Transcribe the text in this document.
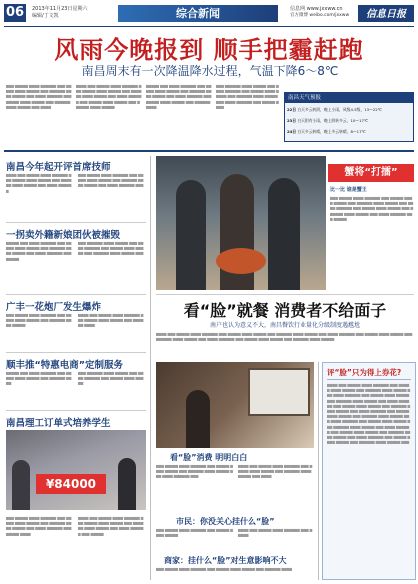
06	2013年11月23日星期六
编辑/丁文凯	综合新闻	信息网 www.jxxww.cn
官方微博 weibo.com/jxxww	信息日报
风雨今晚报到 顺手把霾赶跑
南昌周末有一次降温降水过程，气温下降6～8℃
▆▆▆ ▆▆▆▆▆ ▆▆▆▆ ▆▆▆▆▆▆ ▆▆▆ ▆▆▆▆▆ ▆▆▆▆ ▆▆▆▆▆ ▆▆▆ ▆▆▆▆▆▆ ▆▆▆▆ ▆▆▆▆▆ ▆▆▆ ▆▆▆▆ ▆▆▆▆▆▆ ▆▆▆ ▆▆▆▆▆ ▆▆▆▆ ▆▆▆▆▆ ▆▆▆ ▆▆▆▆▆▆ ▆▆▆▆ ▆▆▆▆▆ ▆▆▆ ▆▆▆▆
▆▆▆▆ ▆▆▆ ▆▆▆▆▆ ▆▆▆▆ ▆▆▆▆▆▆ ▆▆▆ ▆▆▆▆▆ ▆▆▆▆ ▆▆▆▆▆ ▆▆▆ ▆▆▆▆▆▆ ▆▆▆▆ ▆▆▆▆▆ ▆▆▆ ▆▆▆▆ ▆▆▆▆▆▆ ▆▆▆ ▆▆▆▆▆ ▆▆▆▆ ▆▆▆▆▆ ▆▆▆ ▆▆▆▆▆▆ ▆▆▆▆ ▆▆▆▆▆
▆▆▆▆▆ ▆▆▆ ▆▆▆▆ ▆▆▆▆▆▆ ▆▆▆ ▆▆▆▆▆ ▆▆▆▆ ▆▆▆▆▆ ▆▆▆ ▆▆▆▆▆▆ ▆▆▆▆ ▆▆▆▆▆ ▆▆▆ ▆▆▆▆ ▆▆▆▆▆▆ ▆▆▆ ▆▆▆▆▆ ▆▆▆▆ ▆▆▆▆▆ ▆▆▆ ▆▆▆▆▆▆ ▆▆▆▆
▆▆▆ ▆▆▆▆▆▆ ▆▆▆▆ ▆▆▆▆▆ ▆▆▆ ▆▆▆▆ ▆▆▆▆▆▆ ▆▆▆ ▆▆▆▆▆ ▆▆▆▆ ▆▆▆▆▆ ▆▆▆ ▆▆▆▆▆▆ ▆▆▆▆ ▆▆▆▆▆ ▆▆▆ ▆▆▆▆ ▆▆▆▆▆▆ ▆▆▆ ▆▆▆▆▆ ▆▆▆▆
南昌天气预报
22日 白天多云转阴，晚上小雨，风级4-5级，13～22℃
23日 白天阴有小雨，晚上阴转多云，10～17℃
24日 白天多云转晴，晚上多云转晴，8～17℃
南昌今年起开评首席技师
▆▆▆▆ ▆▆▆ ▆▆▆▆▆ ▆▆▆▆ ▆▆▆▆▆▆ ▆▆▆ ▆▆▆▆▆ ▆▆▆▆ ▆▆▆▆▆ ▆▆▆ ▆▆▆▆▆▆ ▆▆▆▆ ▆▆▆▆▆ ▆▆▆ ▆▆▆▆ ▆▆▆▆▆▆
▆▆▆ ▆▆▆▆▆ ▆▆▆▆ ▆▆▆▆▆▆ ▆▆▆ ▆▆▆▆▆ ▆▆▆▆ ▆▆▆▆▆ ▆▆▆ ▆▆▆▆▆▆ ▆▆▆▆ ▆▆▆▆▆ ▆▆▆ ▆▆▆▆ ▆▆▆▆▆▆ ▆▆▆
一拐卖外籍新娘团伙被摧毁
▆▆▆▆▆ ▆▆▆ ▆▆▆▆ ▆▆▆▆▆▆ ▆▆▆ ▆▆▆▆▆ ▆▆▆▆ ▆▆▆▆▆ ▆▆▆ ▆▆▆▆▆▆ ▆▆▆▆ ▆▆▆▆▆ ▆▆▆ ▆▆▆▆ ▆▆▆▆▆▆ ▆▆▆ ▆▆▆▆▆
▆▆▆ ▆▆▆▆▆▆ ▆▆▆▆ ▆▆▆▆▆ ▆▆▆ ▆▆▆▆ ▆▆▆▆▆▆ ▆▆▆ ▆▆▆▆▆ ▆▆▆▆ ▆▆▆▆▆ ▆▆▆ ▆▆▆▆▆▆ ▆▆▆▆ ▆▆▆▆▆ ▆▆▆
广丰一花炮厂发生爆炸
▆▆▆ ▆▆▆▆▆ ▆▆▆▆ ▆▆▆▆▆▆ ▆▆▆ ▆▆▆▆▆ ▆▆▆▆ ▆▆▆▆▆ ▆▆▆ ▆▆▆▆▆▆ ▆▆▆▆ ▆▆▆▆▆
▆▆▆▆ ▆▆▆ ▆▆▆▆▆ ▆▆▆▆ ▆▆▆▆▆▆ ▆▆▆ ▆▆▆▆▆ ▆▆▆▆ ▆▆▆▆▆ ▆▆▆ ▆▆▆▆▆▆ ▆▆▆▆
顺丰推“特惠电商”定制服务
▆▆▆▆▆ ▆▆▆ ▆▆▆▆ ▆▆▆▆▆▆ ▆▆▆ ▆▆▆▆▆ ▆▆▆▆ ▆▆▆▆▆ ▆▆▆ ▆▆▆▆▆▆ ▆▆▆▆
▆▆▆ ▆▆▆▆▆▆ ▆▆▆▆ ▆▆▆▆▆ ▆▆▆ ▆▆▆▆ ▆▆▆▆▆▆ ▆▆▆ ▆▆▆▆▆ ▆▆▆▆ ▆▆▆▆▆
南昌理工订单式培养学生
¥84000
▆▆▆ ▆▆▆▆▆ ▆▆▆▆ ▆▆▆▆▆▆ ▆▆▆ ▆▆▆▆▆ ▆▆▆▆ ▆▆▆▆▆ ▆▆▆ ▆▆▆▆▆▆ ▆▆▆▆ ▆▆▆▆▆ ▆▆▆ ▆▆▆▆ ▆▆▆▆▆▆ ▆▆▆ ▆▆▆▆▆ ▆▆▆▆
▆▆▆▆ ▆▆▆ ▆▆▆▆▆ ▆▆▆▆ ▆▆▆▆▆▆ ▆▆▆ ▆▆▆▆▆ ▆▆▆▆ ▆▆▆▆▆ ▆▆▆ ▆▆▆▆▆▆ ▆▆▆▆ ▆▆▆▆▆ ▆▆▆ ▆▆▆▆ ▆▆▆▆▆▆ ▆▆▆ ▆▆▆▆▆
蟹将“打擂”
比一比 谁是蟹王
▆▆▆ ▆▆▆▆▆ ▆▆▆▆ ▆▆▆▆▆▆ ▆▆▆ ▆▆▆▆▆ ▆▆▆▆ ▆▆▆▆▆ ▆▆▆ ▆▆▆▆▆▆ ▆▆▆▆ ▆▆▆▆▆ ▆▆▆ ▆▆▆▆ ▆▆▆▆▆▆ ▆▆▆ ▆▆▆▆▆ ▆▆▆▆ ▆▆▆▆▆ ▆▆▆ ▆▆▆▆▆▆ ▆▆▆▆ ▆▆▆▆▆ ▆▆▆ ▆▆▆▆ ▆▆▆▆▆▆ ▆▆▆ ▆▆▆▆▆
看“脸”就餐 消费者不给面子
南户也认为意义不大，南昌餐饮行业量化分级制度遇尴尬
▆▆▆▆ ▆▆▆ ▆▆▆▆▆ ▆▆▆▆ ▆▆▆▆▆▆ ▆▆▆ ▆▆▆▆▆ ▆▆▆▆ ▆▆▆▆▆ ▆▆▆ ▆▆▆▆▆▆ ▆▆▆▆ ▆▆▆▆▆ ▆▆▆ ▆▆▆▆ ▆▆▆▆▆▆ ▆▆▆ ▆▆▆▆▆ ▆▆▆▆ ▆▆▆▆▆ ▆▆▆ ▆▆▆▆▆▆ ▆▆▆▆ ▆▆▆▆▆ ▆▆▆ ▆▆▆▆ ▆▆▆▆▆▆ ▆▆▆ ▆▆▆▆▆ ▆▆▆▆ ▆▆▆▆▆ ▆▆▆ ▆▆▆▆▆▆ ▆▆▆▆ ▆▆▆▆▆
看“脸”消费 明明白白
▆▆▆ ▆▆▆▆▆ ▆▆▆▆ ▆▆▆▆▆▆ ▆▆▆ ▆▆▆▆▆ ▆▆▆▆ ▆▆▆▆▆ ▆▆▆ ▆▆▆▆▆▆ ▆▆▆▆ ▆▆▆▆▆ ▆▆▆ ▆▆▆▆ ▆▆▆▆▆▆ ▆▆▆
▆▆▆▆ ▆▆▆ ▆▆▆▆▆ ▆▆▆▆ ▆▆▆▆▆▆ ▆▆▆ ▆▆▆▆▆ ▆▆▆▆ ▆▆▆▆▆ ▆▆▆ ▆▆▆▆▆▆ ▆▆▆▆ ▆▆▆▆▆ ▆▆▆ ▆▆▆▆
市民：你没关心挂什么“脸”
▆▆▆ ▆▆▆▆▆ ▆▆▆▆ ▆▆▆▆▆▆ ▆▆▆ ▆▆▆▆▆ ▆▆▆▆ ▆▆▆▆▆
▆▆▆▆ ▆▆▆ ▆▆▆▆▆ ▆▆▆▆ ▆▆▆▆▆▆ ▆▆▆ ▆▆▆▆▆
商家：挂什么“脸”对生意影响不大
▆▆▆ ▆▆▆▆▆ ▆▆▆▆ ▆▆▆▆▆▆ ▆▆▆ ▆▆▆▆▆ ▆▆▆▆ ▆▆▆▆▆ ▆▆▆ ▆▆▆▆▆▆ ▆▆▆▆
评“脸”只为得上券花?
▆▆▆▆ ▆▆▆ ▆▆▆▆▆ ▆▆▆▆ ▆▆▆▆▆▆ ▆▆▆ ▆▆▆▆▆ ▆▆▆▆ ▆▆▆▆▆ ▆▆▆ ▆▆▆▆▆▆ ▆▆▆▆ ▆▆▆▆▆ ▆▆▆ ▆▆▆▆ ▆▆▆▆▆▆ ▆▆▆ ▆▆▆▆▆ ▆▆▆▆ ▆▆▆▆▆ ▆▆▆ ▆▆▆▆▆▆ ▆▆▆▆ ▆▆▆▆▆ ▆▆▆ ▆▆▆▆ ▆▆▆▆▆▆ ▆▆▆ ▆▆▆▆▆ ▆▆▆▆ ▆▆▆▆▆ ▆▆▆ ▆▆▆▆▆▆ ▆▆▆▆ ▆▆▆▆▆ ▆▆▆ ▆▆▆▆ ▆▆▆▆▆▆ ▆▆▆ ▆▆▆▆▆ ▆▆▆▆ ▆▆▆▆▆ ▆▆▆ ▆▆▆▆▆▆ ▆▆▆▆ ▆▆▆▆▆ ▆▆▆ ▆▆▆▆ ▆▆▆▆▆▆ ▆▆▆ ▆▆▆▆▆ ▆▆▆▆ ▆▆▆▆▆ ▆▆▆ ▆▆▆▆▆▆ ▆▆▆▆ ▆▆▆▆▆ ▆▆▆ ▆▆▆▆ ▆▆▆▆▆▆ ▆▆▆ ▆▆▆▆▆ ▆▆▆▆ ▆▆▆▆▆ ▆▆▆ ▆▆▆▆▆▆ ▆▆▆▆ ▆▆▆▆▆ ▆▆▆ ▆▆▆▆ ▆▆▆▆▆▆ ▆▆▆ ▆▆▆▆▆ ▆▆▆▆ ▆▆▆▆▆ ▆▆▆ ▆▆▆▆▆▆ ▆▆▆▆ ▆▆▆▆▆ ▆▆▆
